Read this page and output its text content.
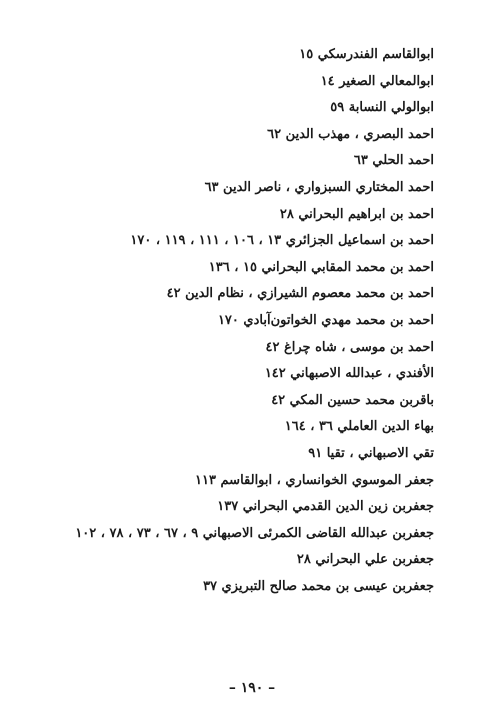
ابوالقاسم الفندرسكي ١٥
ابوالمعالي الصغير ١٤
ابوالولي النسابة ٥٩
احمد البصري ، مهذب الدين ٦٢
احمد الحلي ٦٣
احمد المختاري السبزواري ، ناصر الدين ٦٣
احمد بن ابراهيم البحراني ٢٨
احمد بن اسماعيل الجزائري ١٣ ، ١٠٦ ، ١١١ ، ١١٩ ، ١٧٠
احمد بن محمد المقابي البحراني ١٥ ، ١٣٦
احمد بن محمد معصوم الشيرازي ، نظام الدين ٤٢
احمد بن محمد مهدي الخواتون‌آبادي ١٧٠
احمد بن موسى ، شاه چراغ ٤٢
الأفندي ، عبدالله الاصبهاني ١٤٢
باقربن محمد حسين المكي ٤٢
بهاء الدين العاملي ٣٦ ، ١٦٤
تقي الاصبهاني ، تقيا ٩١
جعفر الموسوي الخوانساري ، ابوالقاسم ١١٣
جعفربن زين الدين القدمي البحراني ١٣٧
جعفربن عبدالله القاضى الكمرئى الاصبهاني ٩ ، ٦٧ ، ٧٣ ، ٧٨ ، ١٠٢
جعفربن علي البحراني ٢٨
جعفربن عيسى بن محمد صالح التبريزي ٣٧
– ١٩٠ –
